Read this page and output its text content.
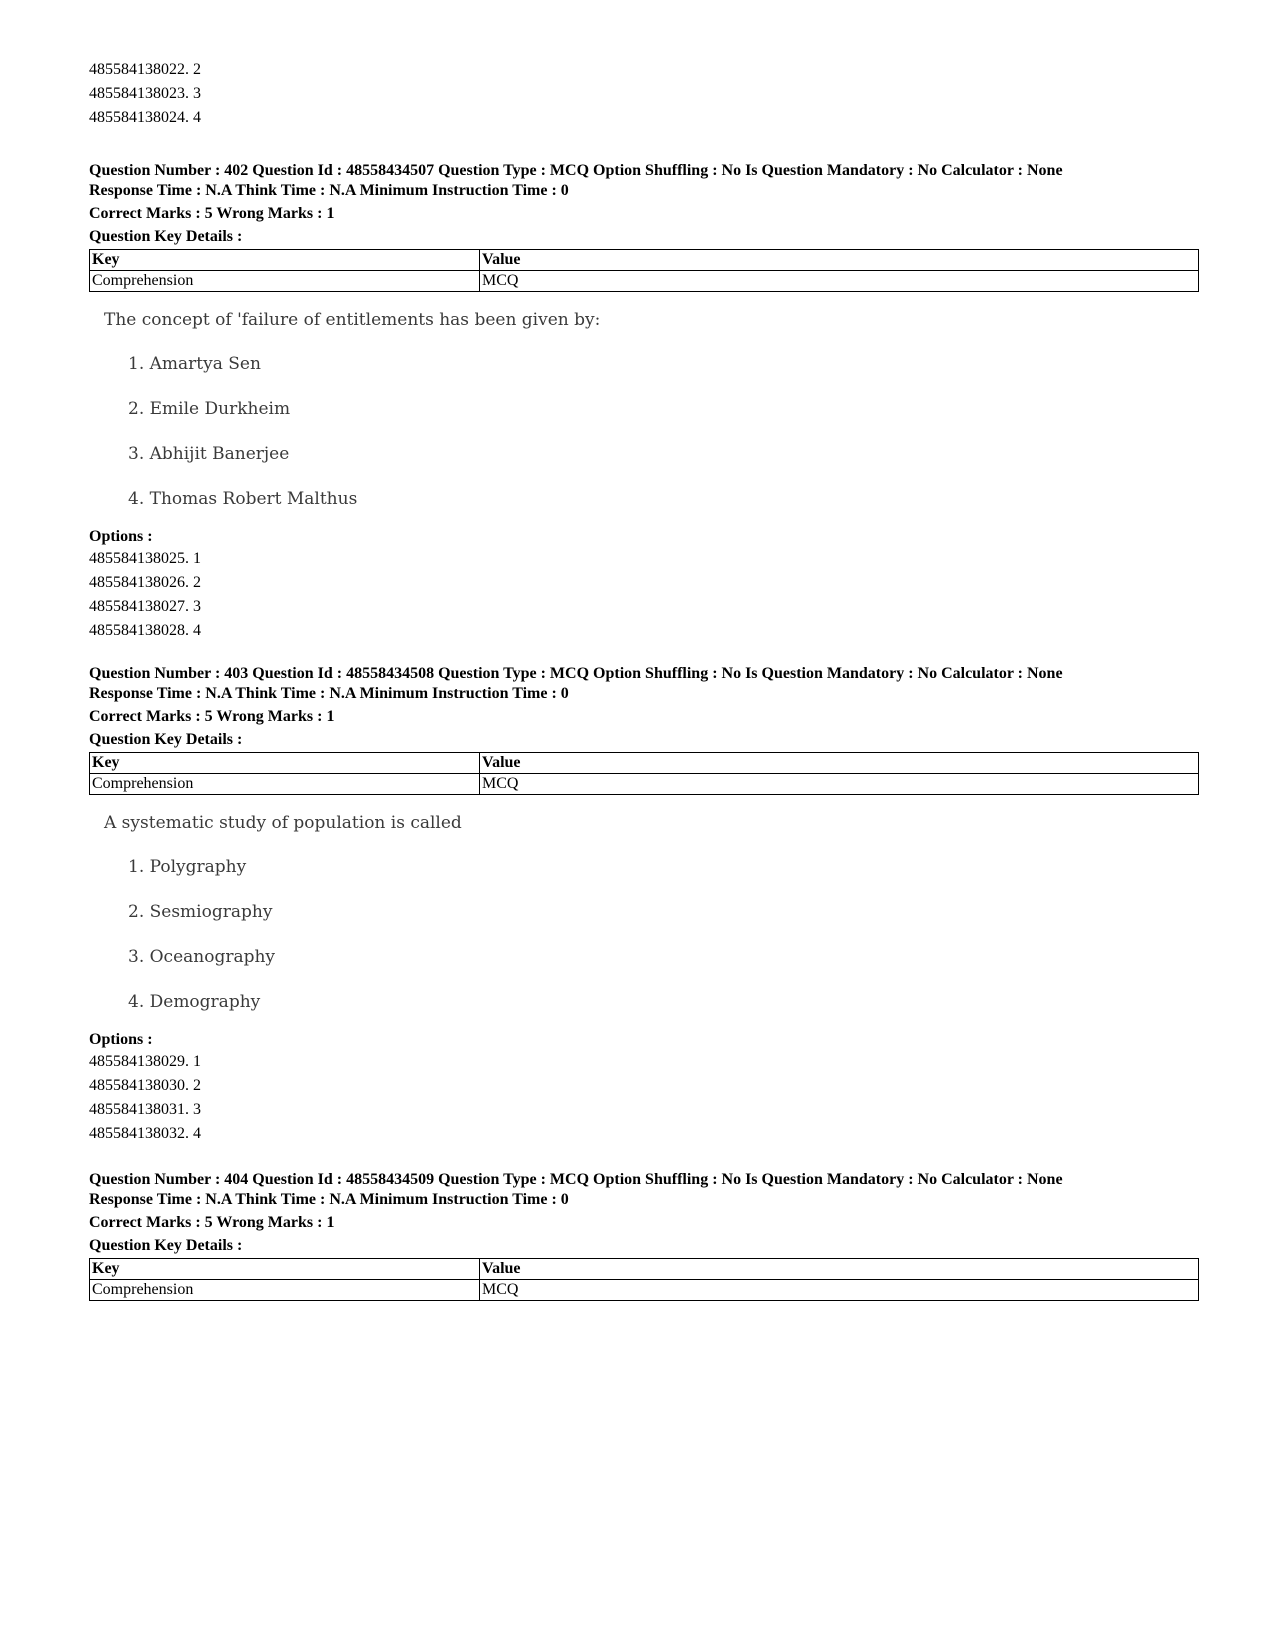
485584138022. 2
485584138023. 3
485584138024. 4
Question Number : 402 Question Id : 48558434507 Question Type : MCQ Option Shuffling : No Is Question Mandatory : No Calculator : None
Response Time : N.A Think Time : N.A Minimum Instruction Time : 0
Correct Marks : 5 Wrong Marks : 1
Question Key Details :
Key	Value
Comprehension	MCQ
The concept of 'failure of entitlements has been given by:
1. Amartya Sen
2. Emile Durkheim
3. Abhijit Banerjee
4. Thomas Robert Malthus
Options :
485584138025. 1
485584138026. 2
485584138027. 3
485584138028. 4
Question Number : 403 Question Id : 48558434508 Question Type : MCQ Option Shuffling : No Is Question Mandatory : No Calculator : None
Response Time : N.A Think Time : N.A Minimum Instruction Time : 0
Correct Marks : 5 Wrong Marks : 1
Question Key Details :
Key	Value
Comprehension	MCQ
A systematic study of population is called
1. Polygraphy
2. Sesmiography
3. Oceanography
4. Demography
Options :
485584138029. 1
485584138030. 2
485584138031. 3
485584138032. 4
Question Number : 404 Question Id : 48558434509 Question Type : MCQ Option Shuffling : No Is Question Mandatory : No Calculator : None
Response Time : N.A Think Time : N.A Minimum Instruction Time : 0
Correct Marks : 5 Wrong Marks : 1
Question Key Details :
Key	Value
Comprehension	MCQ
